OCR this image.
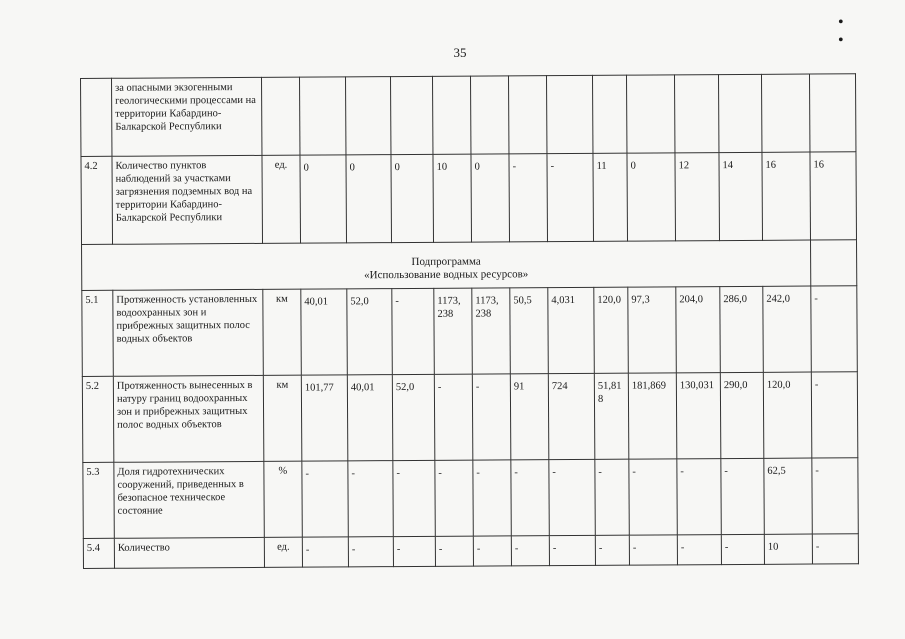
35
• •
	за опасными экзогенными геологическими процессами на территории Кабардино-Балкарской Республики														
4.2	Количество пунктов наблюдений за участками загрязнения подземных вод на территории Кабардино-Балкарской Республики	ед.	0	0	0	10	0	-	-	11	0	12	14	16	16

Подпрограмма
«Использование водных ресурсов»															

5.1	Протяженность установленных водоохранных зон и прибрежных защитных полос водных объектов	км	40,01	52,0	-	1173, 238	1173, 238	50,5	4,031	120,0	97,3	204,0	286,0	242,0	-
5.2	Протяженность вынесенных в натуру границ водоохранных зон и прибрежных защитных полос водных объектов	км	101,77	40,01	52,0	-	-	91	724	51,81 8	181,869	130,031	290,0	120,0	-
5.3	Доля гидротехнических сооружений, приведенных в безопасное техническое состояние	%	-	-	-	-	-	-	-	-	-	-	-	62,5	-
5.4	Количество	ед.	-	-	-	-	-	-	-	-	-	-	-	10	-
